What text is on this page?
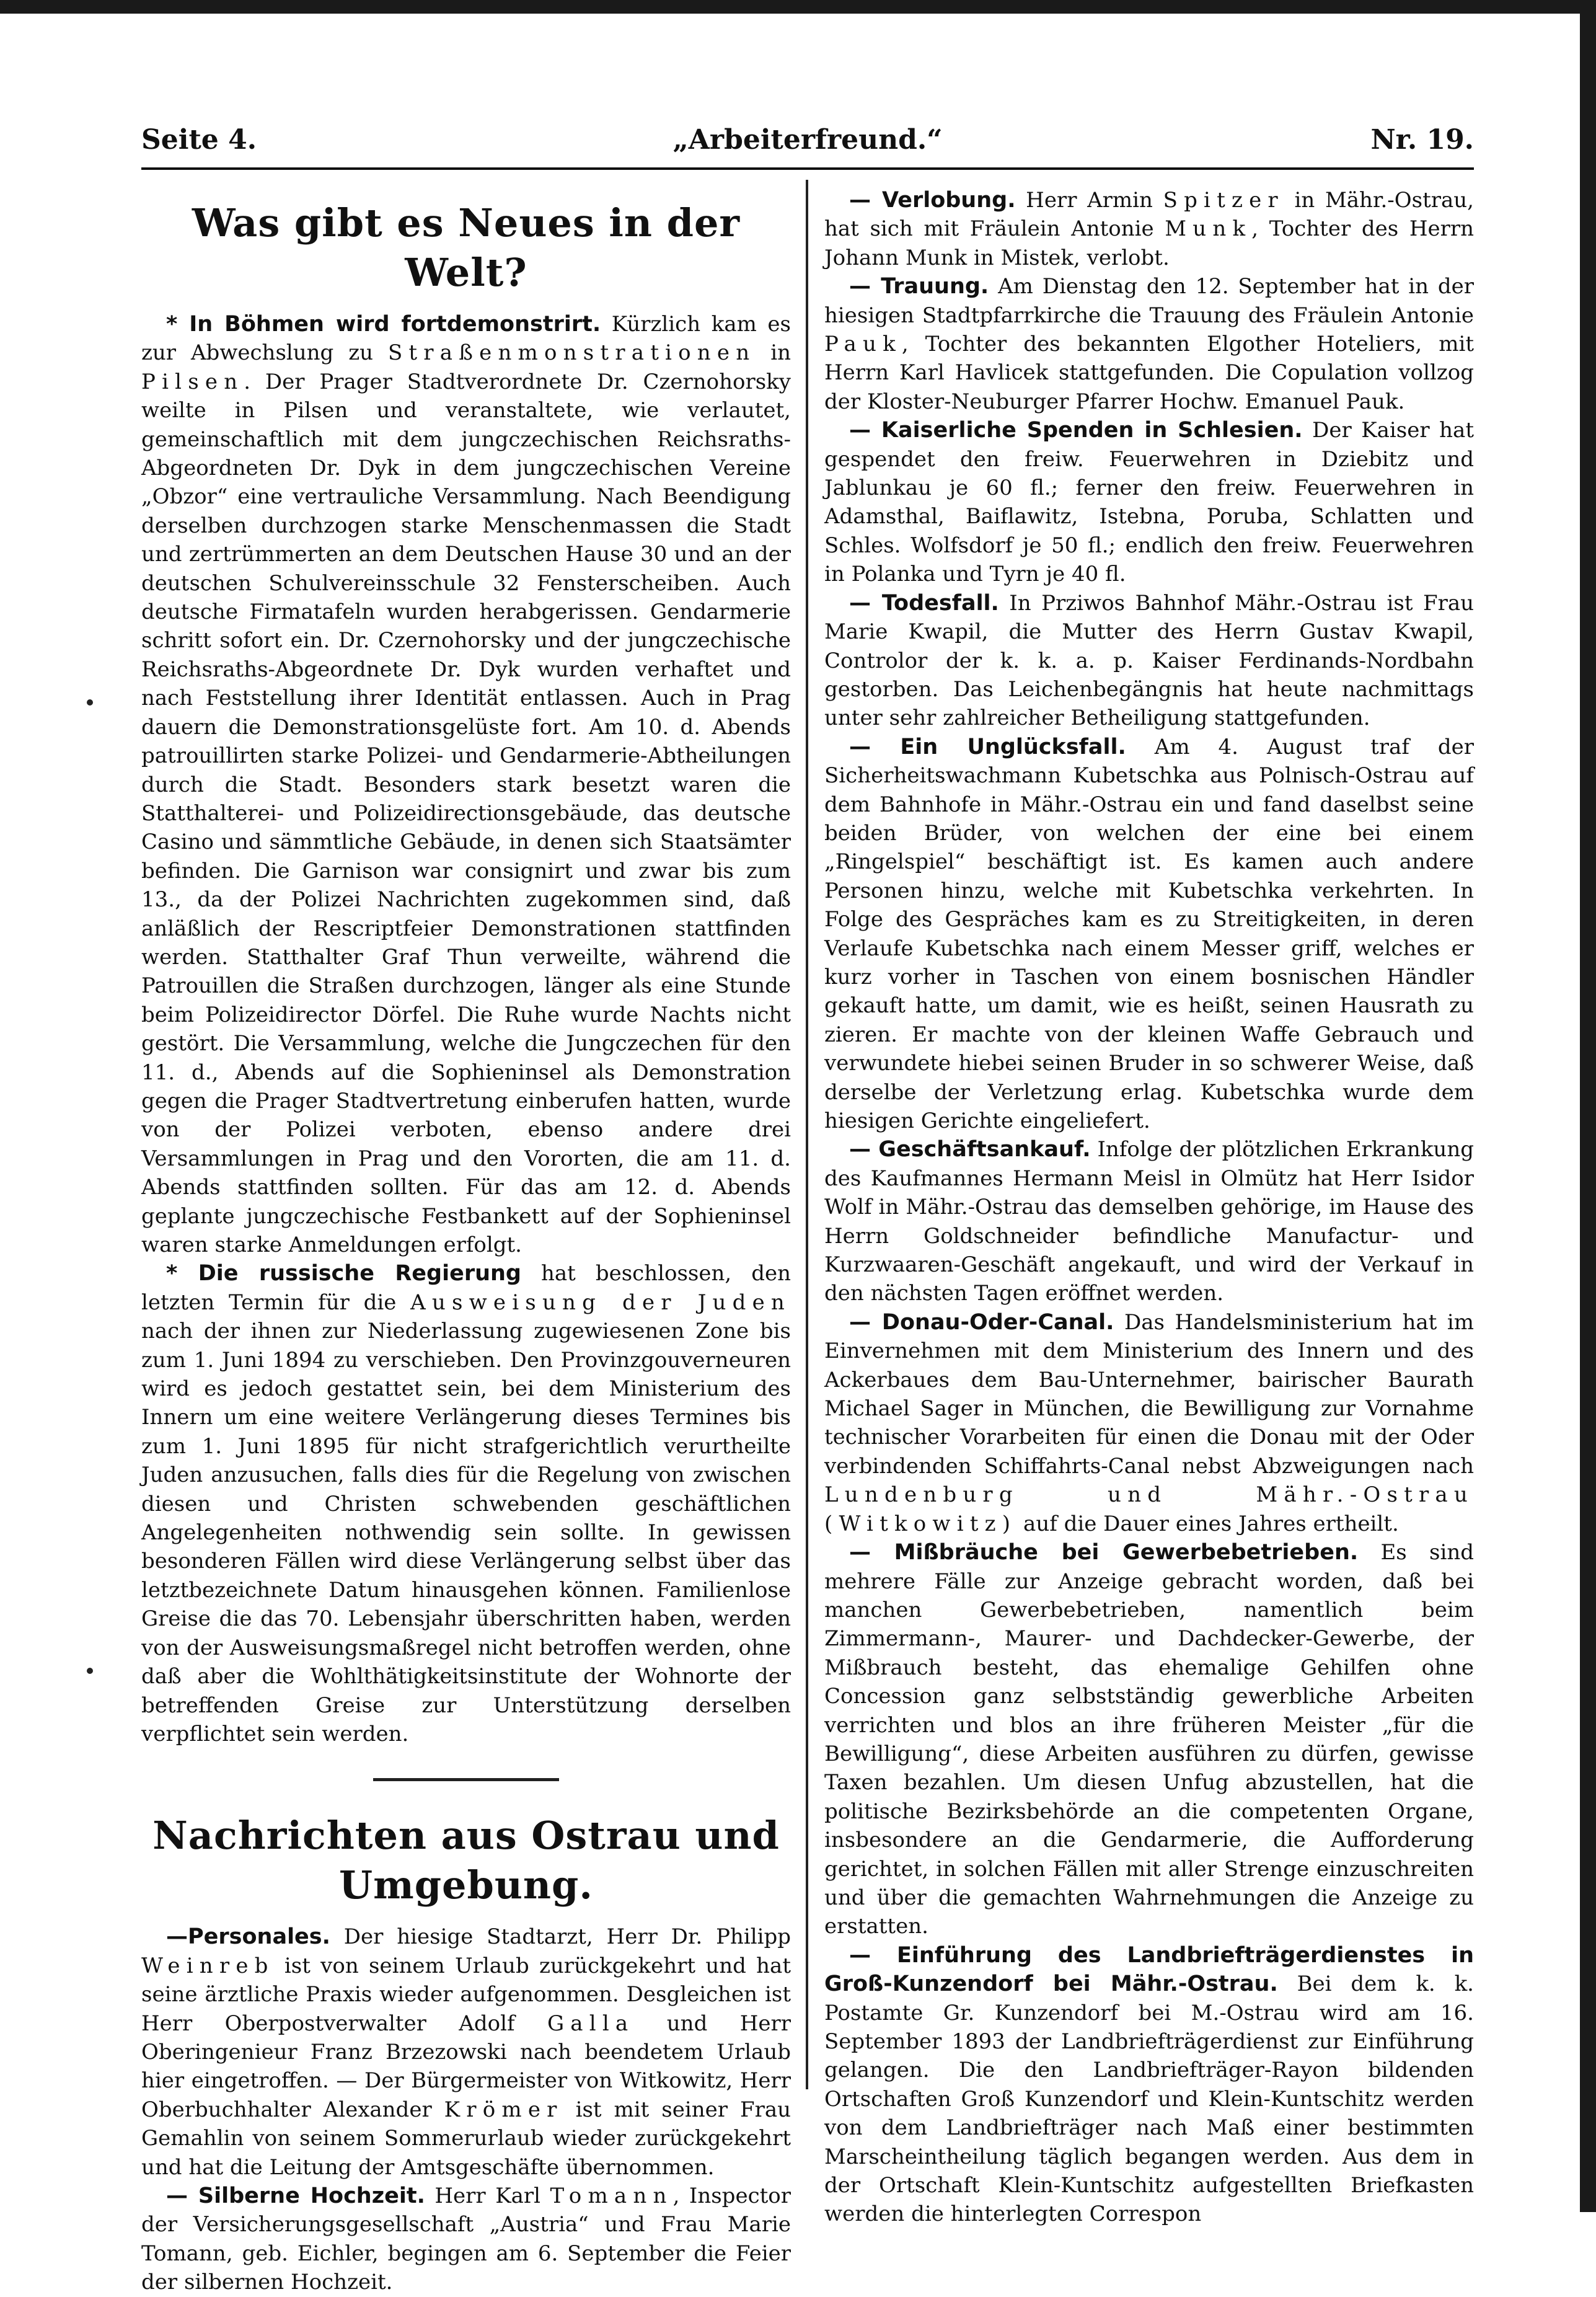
Seite 4.	„Arbeiterfreund.“	Nr. 19.
Was gibt es Neues in der Welt?

* In Böhmen wird fortdemonstrirt. Kürzlich kam es zur Abwechslung zu Straßenmonstrationen in Pilsen. Der Prager Stadtverordnete Dr. Czernohorsky weilte in Pilsen und veranstaltete, wie verlautet, gemeinschaftlich mit dem jungczechischen Reichsraths-Abgeordneten Dr. Dyk in dem jungczechischen Vereine „Obzor“ eine vertrauliche Versammlung. Nach Beendigung derselben durchzogen starke Menschenmassen die Stadt und zertrümmerten an dem Deutschen Hause 30 und an der deutschen Schulvereinsschule 32 Fensterscheiben. Auch deutsche Firmatafeln wurden herabgerissen. Gendarmerie schritt sofort ein. Dr. Czernohorsky und der jungczechische Reichsraths-Abgeordnete Dr. Dyk wurden verhaftet und nach Feststellung ihrer Identität entlassen. Auch in Prag dauern die Demonstrationsgelüste fort. Am 10. d. Abends patrouillirten starke Polizei- und Gendarmerie-Abtheilungen durch die Stadt. Besonders stark besetzt waren die Statthalterei- und Polizeidirectionsgebäude, das deutsche Casino und sämmtliche Gebäude, in denen sich Staatsämter befinden. Die Garnison war consignirt und zwar bis zum 13., da der Polizei Nachrichten zugekommen sind, daß anläßlich der Rescriptfeier Demonstrationen stattfinden werden. Statthalter Graf Thun verweilte, während die Patrouillen die Straßen durchzogen, länger als eine Stunde beim Polizeidirector Dörfel. Die Ruhe wurde Nachts nicht gestört. Die Versammlung, welche die Jungczechen für den 11. d., Abends auf die Sophieninsel als Demonstration gegen die Prager Stadtvertretung einberufen hatten, wurde von der Polizei verboten, ebenso andere drei Versammlungen in Prag und den Vororten, die am 11. d. Abends stattfinden sollten. Für das am 12. d. Abends geplante jungczechische Festbankett auf der Sophieninsel waren starke Anmeldungen erfolgt.

* Die russische Regierung hat beschlossen, den letzten Termin für die Ausweisung der Juden nach der ihnen zur Niederlassung zugewiesenen Zone bis zum 1. Juni 1894 zu verschieben. Den Provinzgouverneuren wird es jedoch gestattet sein, bei dem Ministerium des Innern um eine weitere Verlängerung dieses Termines bis zum 1. Juni 1895 für nicht strafgerichtlich verurtheilte Juden anzusuchen, falls dies für die Regelung von zwischen diesen und Christen schwebenden geschäftlichen Angelegenheiten nothwendig sein sollte. In gewissen besonderen Fällen wird diese Verlängerung selbst über das letztbezeichnete Datum hinausgehen können. Familienlose Greise die das 70. Lebensjahr überschritten haben, werden von der Ausweisungsmaßregel nicht betroffen werden, ohne daß aber die Wohlthätigkeitsinstitute der Wohnorte der betreffenden Greise zur Unterstützung derselben verpflichtet sein werden.

Nachrichten aus Ostrau und Umgebung.

—Personales. Der hiesige Stadtarzt, Herr Dr. Philipp Weinreb ist von seinem Urlaub zurückgekehrt und hat seine ärztliche Praxis wieder aufgenommen. Desgleichen ist Herr Oberpostverwalter Adolf Galla und Herr Oberingenieur Franz Brzezowski nach beendetem Urlaub hier eingetroffen. — Der Bürgermeister von Witkowitz, Herr Oberbuchhalter Alexander Krömer ist mit seiner Frau Gemahlin von seinem Sommerurlaub wieder zurückgekehrt und hat die Leitung der Amtsgeschäfte übernommen.

— Silberne Hochzeit. Herr Karl Tomann, Inspector der Versicherungsgesellschaft „Austria“ und Frau Marie Tomann, geb. Eichler, begingen am 6. September die Feier der silbernen Hochzeit.

— Verlobung. Herr Armin Spitzer in Mähr.-Ostrau, hat sich mit Fräulein Antonie Munk, Tochter des Herrn Johann Munk in Mistek, verlobt.

— Trauung. Am Dienstag den 12. September hat in der hiesigen Stadtpfarrkirche die Trauung des Fräulein Antonie Pauk, Tochter des bekannten Elgother Hoteliers, mit Herrn Karl Havlicek stattgefunden. Die Copulation vollzog der Kloster-Neuburger Pfarrer Hochw. Emanuel Pauk.

— Kaiserliche Spenden in Schlesien. Der Kaiser hat gespendet den freiw. Feuerwehren in Dziebitz und Jablunkau je 60 fl.; ferner den freiw. Feuerwehren in Adamsthal, Baiflawitz, Istebna, Poruba, Schlatten und Schles. Wolfsdorf je 50 fl.; endlich den freiw. Feuerwehren in Polanka und Tyrn je 40 fl.

— Todesfall. In Prziwos Bahnhof Mähr.-Ostrau ist Frau Marie Kwapil, die Mutter des Herrn Gustav Kwapil, Controlor der k. k. a. p. Kaiser Ferdinands-Nordbahn gestorben. Das Leichenbegängnis hat heute nachmittags unter sehr zahlreicher Betheiligung stattgefunden.

— Ein Unglücksfall. Am 4. August traf der Sicherheitswachmann Kubetschka aus Polnisch-Ostrau auf dem Bahnhofe in Mähr.-Ostrau ein und fand daselbst seine beiden Brüder, von welchen der eine bei einem „Ringelspiel“ beschäftigt ist. Es kamen auch andere Personen hinzu, welche mit Kubetschka verkehrten. In Folge des Gespräches kam es zu Streitigkeiten, in deren Verlaufe Kubetschka nach einem Messer griff, welches er kurz vorher in Taschen von einem bosnischen Händler gekauft hatte, um damit, wie es heißt, seinen Hausrath zu zieren. Er machte von der kleinen Waffe Gebrauch und verwundete hiebei seinen Bruder in so schwerer Weise, daß derselbe der Verletzung erlag. Kubetschka wurde dem hiesigen Gerichte eingeliefert.

— Geschäftsankauf. Infolge der plötzlichen Erkrankung des Kaufmannes Hermann Meisl in Olmütz hat Herr Isidor Wolf in Mähr.-Ostrau das demselben gehörige, im Hause des Herrn Goldschneider befindliche Manufactur- und Kurzwaaren-Geschäft angekauft, und wird der Verkauf in den nächsten Tagen eröffnet werden.

— Donau-Oder-Canal. Das Handelsministerium hat im Einvernehmen mit dem Ministerium des Innern und des Ackerbaues dem Bau-Unternehmer, bairischer Baurath Michael Sager in München, die Bewilligung zur Vornahme technischer Vorarbeiten für einen die Donau mit der Oder verbindenden Schiffahrts-Canal nebst Abzweigungen nach Lundenburg und Mähr.-Ostrau (Witkowitz) auf die Dauer eines Jahres ertheilt.

— Mißbräuche bei Gewerbebetrieben. Es sind mehrere Fälle zur Anzeige gebracht worden, daß bei manchen Gewerbebetrieben, namentlich beim Zimmermann-, Maurer- und Dachdecker-Gewerbe, der Mißbrauch besteht, das ehemalige Gehilfen ohne Concession ganz selbstständig gewerbliche Arbeiten verrichten und blos an ihre früheren Meister „für die Bewilligung“, diese Arbeiten ausführen zu dürfen, gewisse Taxen bezahlen. Um diesen Unfug abzustellen, hat die politische Bezirksbehörde an die competenten Organe, insbesondere an die Gendarmerie, die Aufforderung gerichtet, in solchen Fällen mit aller Strenge einzuschreiten und über die gemachten Wahrnehmungen die Anzeige zu erstatten.

— Einführung des Landbriefträgerdienstes in Groß-Kunzendorf bei Mähr.-Ostrau. Bei dem k. k. Postamte Gr. Kunzendorf bei M.-Ostrau wird am 16. September 1893 der Landbriefträgerdienst zur Einführung gelangen. Die den Landbriefträger-Rayon bildenden Ortschaften Groß Kunzendorf und Klein-Kuntschitz werden von dem Landbriefträger nach Maß einer bestimmten Marscheintheilung täglich begangen werden. Aus dem in der Ortschaft Klein-Kuntschitz aufgestellten Briefkasten werden die hinterlegten Correspon
